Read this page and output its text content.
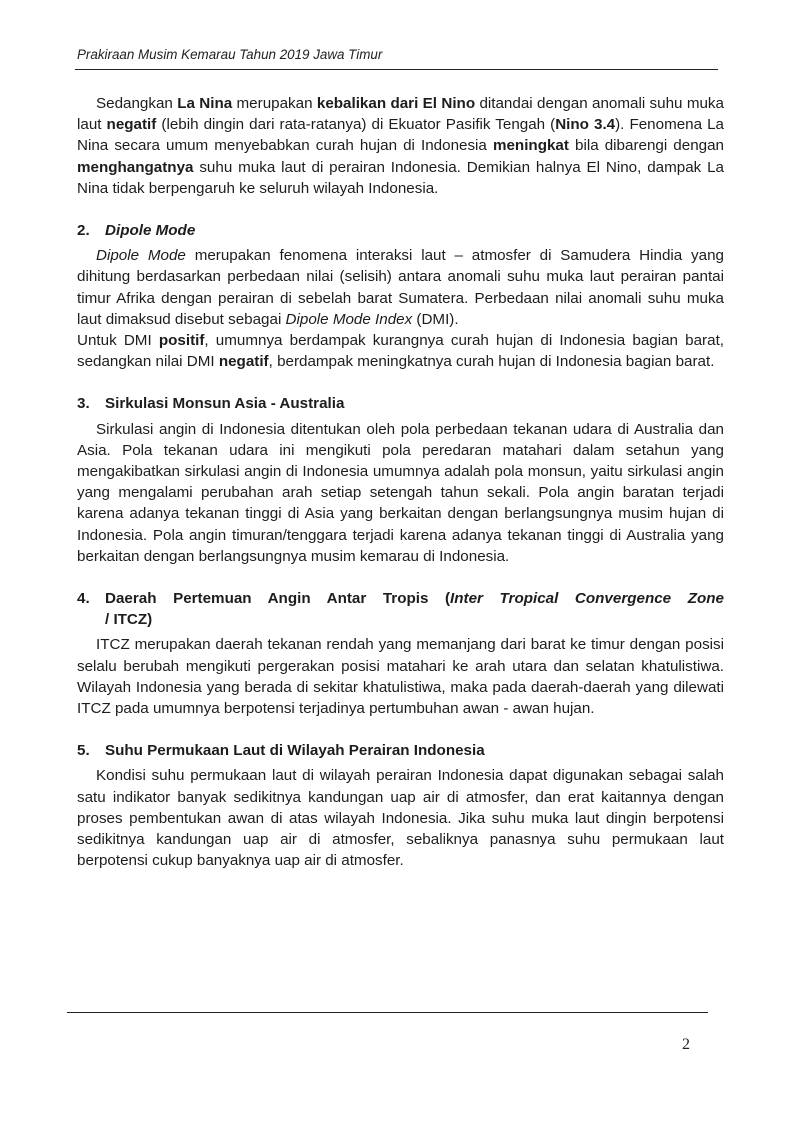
Prakiraan Musim Kemarau Tahun 2019 Jawa Timur

Sedangkan La Nina merupakan kebalikan dari El Nino ditandai dengan anomali suhu muka laut negatif (lebih dingin dari rata-ratanya) di Ekuator Pasifik Tengah (Nino 3.4). Fenomena La Nina secara umum menyebabkan curah hujan di Indonesia meningkat bila dibarengi dengan menghangatnya suhu muka laut di perairan Indonesia. Demikian halnya El Nino, dampak La Nina tidak berpengaruh ke seluruh wilayah Indonesia.

2.	Dipole Mode

Dipole Mode merupakan fenomena interaksi laut – atmosfer di Samudera Hindia yang dihitung berdasarkan perbedaan nilai (selisih) antara anomali suhu muka laut perairan pantai timur Afrika dengan perairan di sebelah barat Sumatera. Perbedaan nilai anomali suhu muka laut dimaksud disebut sebagai Dipole Mode Index (DMI).

Untuk DMI positif, umumnya berdampak kurangnya curah hujan di Indonesia bagian barat, sedangkan nilai DMI negatif, berdampak meningkatnya curah hujan di Indonesia bagian barat.

3.	Sirkulasi Monsun Asia - Australia

Sirkulasi angin di Indonesia ditentukan oleh pola perbedaan tekanan udara di Australia dan Asia. Pola tekanan udara ini mengikuti pola peredaran matahari dalam setahun yang mengakibatkan sirkulasi angin di Indonesia umumnya adalah pola monsun, yaitu sirkulasi angin yang mengalami perubahan arah setiap setengah tahun sekali. Pola angin baratan terjadi karena adanya tekanan tinggi di Asia yang berkaitan dengan berlangsungnya musim hujan di Indonesia. Pola angin timuran/tenggara terjadi karena adanya tekanan tinggi di Australia yang berkaitan dengan berlangsungnya musim kemarau di Indonesia.

4.	Daerah Pertemuan Angin Antar Tropis (Inter Tropical Convergence Zone
/ ITCZ)

ITCZ merupakan daerah tekanan rendah yang memanjang dari barat ke timur dengan posisi selalu berubah mengikuti pergerakan posisi matahari ke arah utara dan selatan khatulistiwa. Wilayah Indonesia yang berada di sekitar khatulistiwa, maka pada daerah-daerah yang dilewati ITCZ pada umumnya berpotensi terjadinya pertumbuhan awan - awan hujan.

5.	Suhu Permukaan Laut di Wilayah Perairan Indonesia

Kondisi suhu permukaan laut di wilayah perairan Indonesia dapat digunakan sebagai salah satu indikator banyak sedikitnya kandungan uap air di atmosfer, dan erat kaitannya dengan proses pembentukan awan di atas wilayah Indonesia. Jika suhu muka laut dingin berpotensi sedikitnya kandungan uap air di atmosfer, sebaliknya panasnya suhu permukaan laut berpotensi cukup banyaknya uap air di atmosfer.

2
